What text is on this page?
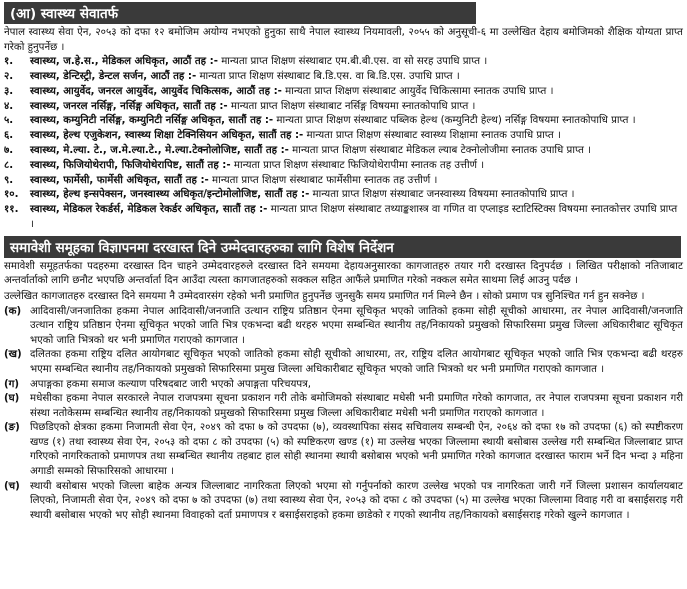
(आ) स्वास्थ्य सेवातर्फ

नेपाल स्वास्थ्य सेवा ऐन, २०५३ को दफा १२ बमोजिम अयोग्य नभएको हुनुका साथै नेपाल स्वास्थ्य नियमावली, २०५५ को अनुसूची-६ मा उल्लेखित देहाय बमोजिमको शैक्षिक योग्यता प्राप्त गरेको हुनुपर्नेछ ।

१.	स्वास्थ्य, ज.हे.स., मेडिकल अधिकृत, आठौं तह :- मान्यता प्राप्त शिक्षण संस्थाबाट एम.बी.बी.एस. वा सो सरह उपाधि प्राप्त ।
२.	स्वास्थ्य, डेन्टिस्ट्री, डेन्टल सर्जन, आठौं तह :- मान्यता प्राप्त शिक्षण संस्थाबाट बि.डि.एस. वा बि.डि.एस. उपाधि प्राप्त ।
३.	स्वास्थ्य, आयुर्वेद, जनरल आयुर्वेद, आयुर्वेद चिकित्सक, आठौं तह :- मान्यता प्राप्त शिक्षण संस्थाबाट आयुर्वेद चिकित्सामा स्नातक उपाधि प्राप्त ।
४.	स्वास्थ्य, जनरल नर्सिङ्ग, नर्सिङ्ग अधिकृत, सातौं तह :- मान्यता प्राप्त शिक्षण संस्थाबाट नर्सिङ्ग विषयमा स्नातकोपाधि प्राप्त ।
५.	स्वास्थ्य, कम्युनिटी नर्सिङ्ग, कम्युनिटी नर्सिङ्ग अधिकृत, सातौं तह :- मान्यता प्राप्त शिक्षण संस्थाबाट पब्लिक हेल्थ (कम्युनिटी हेल्थ) नर्सिङ्ग विषयमा स्नातकोपाधि प्राप्त ।
६.	स्वास्थ्य, हेल्थ एजुकेशन, स्वास्थ्य शिक्षा टेक्निसियन अधिकृत, सातौं तह :- मान्यता प्राप्त शिक्षण संस्थाबाट स्वास्थ्य शिक्षामा स्नातक उपाधि प्राप्त ।
७.	स्वास्थ्य, मे.ल्या. टे., ज.मे.ल्या.टे., मे.ल्या.टेक्नोलोजिष्ट, सातौं तह :- मान्यता प्राप्त शिक्षण संस्थाबाट मेडिकल ल्याब टेक्नोलोजीमा स्नातक उपाधि प्राप्त ।
८.	स्वास्थ्य, फिजियोथेरापी, फिजियोथेरापिष्ट, सातौं तह :- मान्यता प्राप्त शिक्षण संस्थाबाट फिजियोथेरापीमा स्नातक तह उत्तीर्ण ।
९.	स्वास्थ्य, फार्मेसी, फार्मेसी अधिकृत, सातौं तह :- मान्यता प्राप्त शिक्षण संस्थाबाट फार्मेसीमा स्नातक तह उत्तीर्ण ।
१०.	स्वास्थ्य, हेल्थ इन्सपेक्सन, जनस्वास्थ्य अधिकृत/इन्टोमोलोजिष्ट, सातौं तह :- मान्यता प्राप्त शिक्षण संस्थाबाट जनस्वास्थ्य विषयमा स्नातकोपाधि प्राप्त ।
११.	स्वास्थ्य, मेडिकल रेकर्डर्स, मेडिकल रेकर्डर अधिकृत, सातौं तह :- मान्यता प्राप्त शिक्षण संस्थाबाट तथ्याङ्कशास्त्र वा गणित वा एप्लाइड स्टाटिस्टिक्स विषयमा स्नातकोत्तर उपाधि प्राप्त ।
समावेशी समूहका विज्ञापनमा दरखास्त दिने उम्मेदवारहरुका लागि विशेष निर्देशन

समावेशी समूहतर्फका पदहरुमा दरखास्त दिन चाहने उम्मेदवारहरुले दरखास्त दिने समयमा देहायअनुसारका कागजातहरु तयार गरी दरखास्त दिनुपर्दछ । लिखित परीक्षाको नतिजाबाट अन्तर्वार्ताको लागि छनौट भएपछि अन्तर्वार्ता दिन आउँदा त्यस्ता कागजातहरुको सक्कल सहित आफैंले प्रमाणित गरेको नक्कल समेत साथमा लिई आउनु पर्दछ ।

उल्लेखित कागजातहरु दरखास्त दिने समयमा नै उम्मेदवारसंग रहेको भनी प्रमाणित हुनुपर्नेछ जुनसुकै समय प्रमाणित गर्न मिल्ने छैन । सोको प्रमाण पत्र सुनिश्चित गर्न हुन सक्नेछ ।

(क) आदिवासी/जनजातिका हकमा नेपाल आदिवासी/जनजाति उत्थान राष्ट्रिय प्रतिष्ठान ऐनमा सूचिकृत भएको जातिको हकमा सोही सूचीको आधारमा, तर नेपाल आदिवासी/जनजाति उत्थान राष्ट्रिय प्रतिष्ठान ऐनमा सूचिकृत भएको जाति भित्र एकभन्दा बढी थरहरु भएमा सम्बन्धित स्थानीय तह/निकायको प्रमुखको सिफारिसमा प्रमुख जिल्ला अधिकारीबाट सूचिकृत भएको जाति भित्रको थर भनी प्रमाणित गराएको कागजात ।
(ख) दलितका हकमा राष्ट्रिय दलित आयोगबाट सूचिकृत भएको जातिको हकमा सोही सूचीको आधारमा, तर, राष्ट्रिय दलित आयोगबाट सूचिकृत भएको जाति भित्र एकभन्दा बढी थरहरु भएमा सम्बन्धित स्थानीय तह/निकायको प्रमुखको सिफारिसमा प्रमुख जिल्ला अधिकारीबाट सूचिकृत भएको जाति भित्रको थर भनी प्रमाणित गराएको कागजात ।
(ग)	अपाङ्गका हकमा समाज कल्याण परिषदबाट जारी भएको अपाङ्गता परिचयपत्र,
(घ)	मधेसीका हकमा नेपाल सरकारले नेपाल राजपत्रमा सूचना प्रकाशन गरी तोके बमोजिमको संस्थाबाट मधेसी भनी प्रमाणित गरेको कागजात, तर नेपाल राजपत्रमा सूचना प्रकाशन गरी संस्था नतोकेसम्म सम्बन्धित स्थानीय तह/निकायको प्रमुखको सिफारिसमा प्रमुख जिल्ला अधिकारीबाट मधेसी भनी प्रमाणित गराएको कागजात ।
(ङ) पिछडिएको क्षेत्रका हकमा निजामती सेवा ऐन, २०४९ को दफा ७ को उपदफा (७), व्यवस्थापिका संसद सचिवालय सम्बन्धी ऐन, २०६४ को दफा १७ को उपदफा (६) को स्पष्टीकरण खण्ड (१) तथा स्वास्थ्य सेवा ऐन, २०५३ को दफा ८ को उपदफा (५) को स्पष्टिकरण खण्ड (१) मा उल्लेख भएका जिल्लामा स्थायी बसोबास उल्लेख गरी सम्बन्धित जिल्लाबाट प्राप्त गरिएको नागरिकताको प्रमाणपत्र तथा सम्बन्धित स्थानीय तहबाट हाल सोही स्थानमा स्थायी बसोबास भएको भनी प्रमाणित गरेको कागजात दरखास्त फाराम भर्ने दिन भन्दा ३ महिना अगाडी सम्मको सिफारिसको आधारमा ।
(च)	स्थायी बसोबास भएको जिल्ला बाहेक अन्यत्र जिल्लाबाट नागरिकता लिएको भएमा सो गर्नुपर्नाको कारण उल्लेख भएको पत्र नागरिकता जारी गर्ने जिल्ला प्रशासन कार्यालयबाट लिएको, निजामती सेवा ऐन, २०४९ को दफा ७ को उपदफा (७) तथा स्वास्थ्य सेवा ऐन, २०५३ को दफा ८ को उपदफा (५) मा उल्लेख भएका जिल्लामा विवाह गरी वा बसाईसराइ गरी स्थायी बसोबास भएको भए सोही स्थानमा विवाहको दर्ता प्रमाणपत्र र बसाईसराइको हकमा छाडेको र गएको स्थानीय तह/निकायको बसाईसराइ गरेको खुल्ने कागजात ।
